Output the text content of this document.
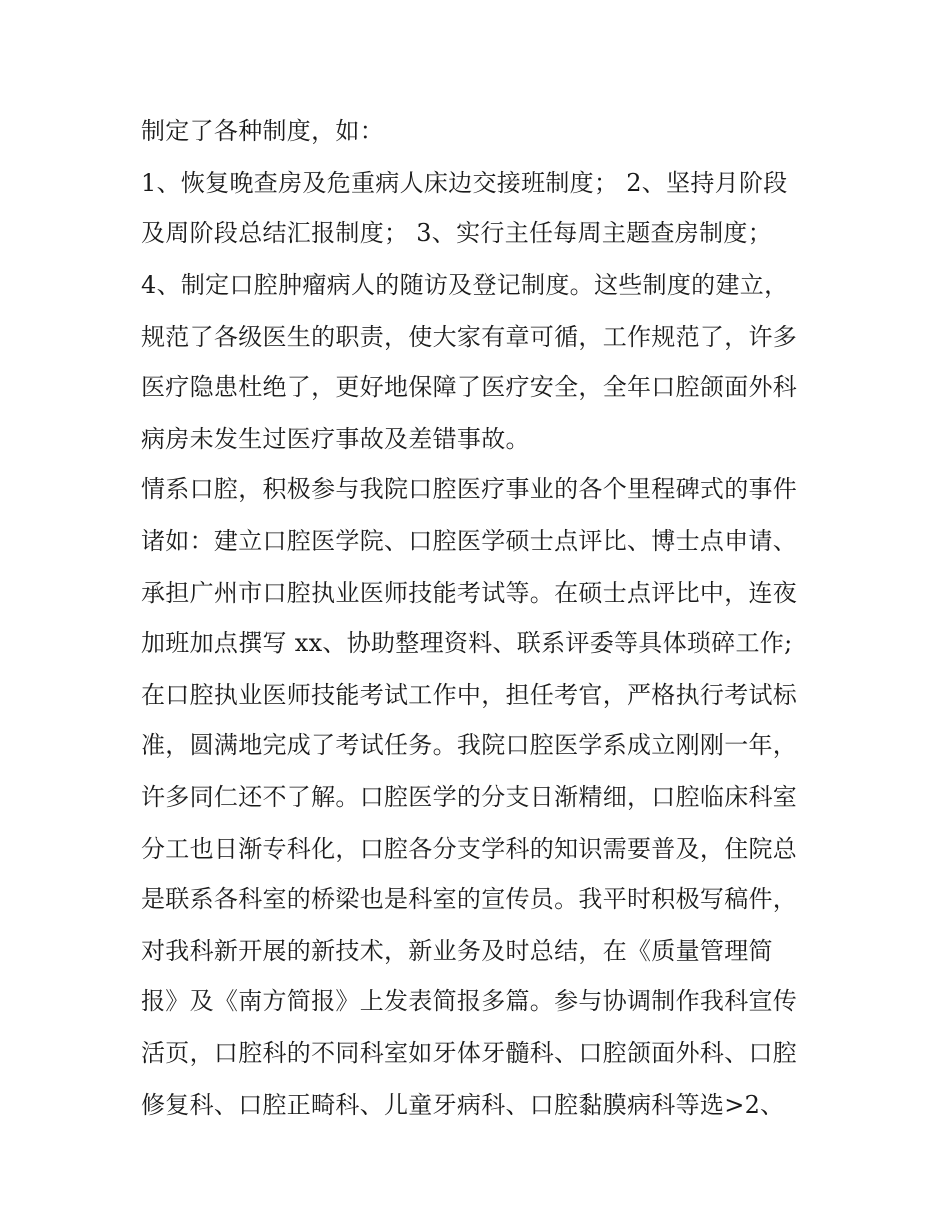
制定了各种制度，如：
1、恢复晚查房及危重病人床边交接班制度； 2、坚持月阶段
及周阶段总结汇报制度； 3、实行主任每周主题查房制度；
4、制定口腔肿瘤病人的随访及登记制度。这些制度的建立，
规范了各级医生的职责，使大家有章可循，工作规范了，许多
医疗隐患杜绝了，更好地保障了医疗安全，全年口腔颌面外科
病房未发生过医疗事故及差错事故。
情系口腔，积极参与我院口腔医疗事业的各个里程碑式的事件
诸如：建立口腔医学院、口腔医学硕士点评比、博士点申请、
承担广州市口腔执业医师技能考试等。在硕士点评比中，连夜
加班加点撰写 xx、协助整理资料、联系评委等具体琐碎工作;
在口腔执业医师技能考试工作中，担任考官，严格执行考试标
准，圆满地完成了考试任务。我院口腔医学系成立刚刚一年，
许多同仁还不了解。口腔医学的分支日渐精细，口腔临床科室
分工也日渐专科化，口腔各分支学科的知识需要普及，住院总
是联系各科室的桥梁也是科室的宣传员。我平时积极写稿件，
对我科新开展的新技术，新业务及时总结，在《质量管理简
报》及《南方简报》上发表简报多篇。参与协调制作我科宣传
活页，口腔科的不同科室如牙体牙髓科、口腔颌面外科、口腔
修复科、口腔正畸科、儿童牙病科、口腔黏膜病科等选>2、
